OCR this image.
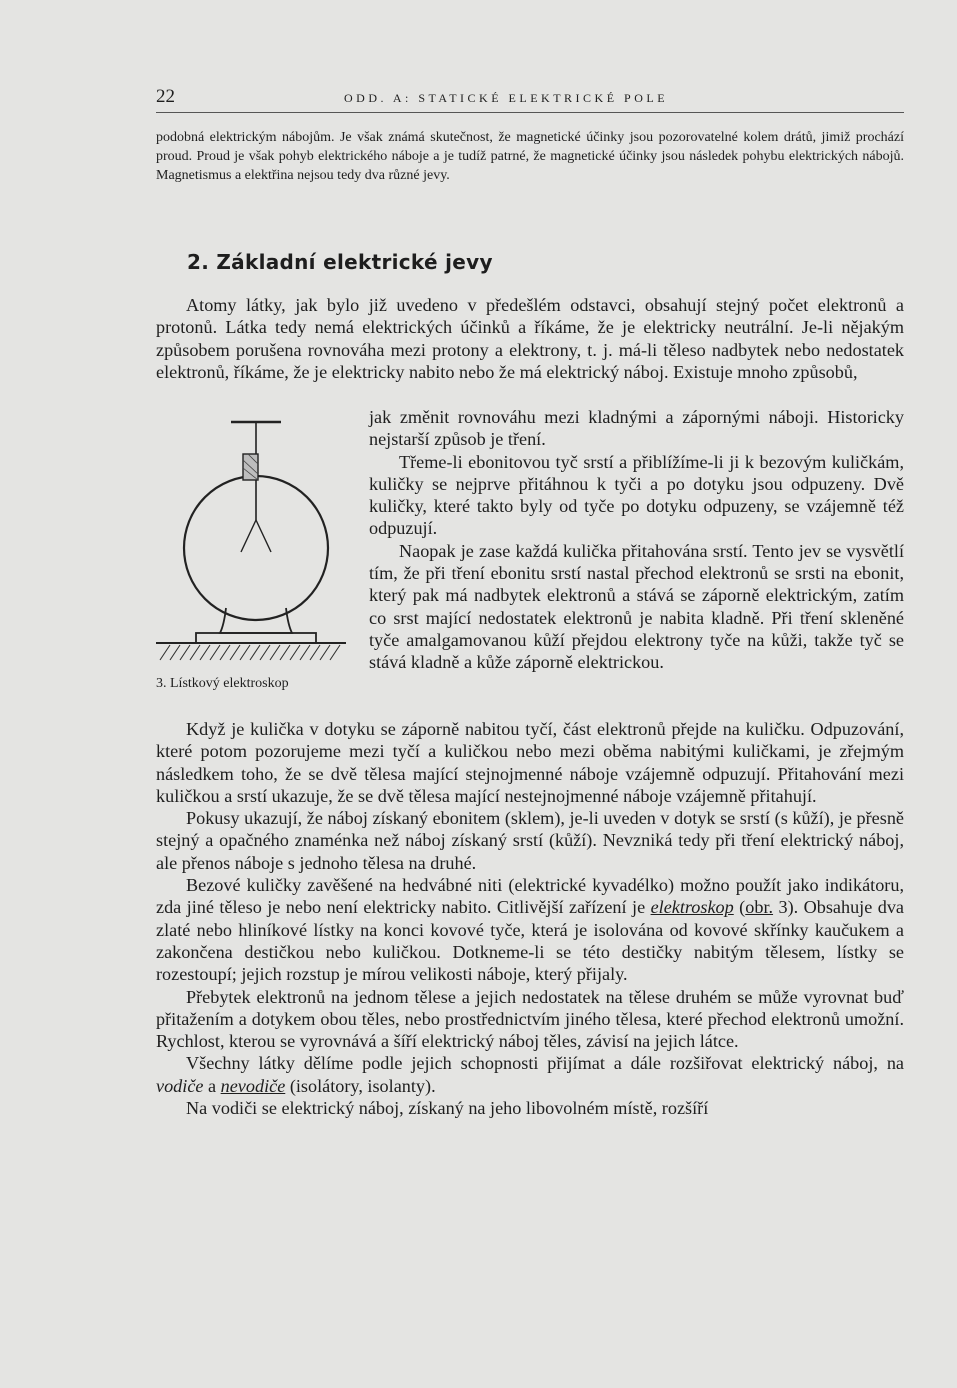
22	ODD. A: STATICKÉ ELEKTRICKÉ POLE

podobná elektrickým nábojům. Je však známá skutečnost, že magnetické účinky jsou pozorovatelné kolem drátů, jimiž prochází proud. Proud je však pohyb elektrického náboje a je tudíž patrné, že magnetické účinky jsou následek pohybu elektrických nábojů. Magnetismus a elektřina nejsou tedy dva různé jevy.

2. Základní elektrické jevy

Atomy látky, jak bylo již uvedeno v předešlém odstavci, obsahují stejný počet elektronů a protonů. Látka tedy nemá elektrických účinků a říkáme, že je elektricky neutrální. Je-li nějakým způsobem porušena rovnováha mezi protony a elektrony, t. j. má-li těleso nadbytek nebo nedostatek elektronů, říkáme, že je elektricky nabito nebo že má elektrický náboj. Existuje mnoho způsobů,

3. Lístkový elektroskop

jak změnit rovnováhu mezi kladnými a zápornými náboji. Historicky nejstarší způsob je tření.

Třeme-li ebonitovou tyč srstí a přiblížíme-li ji k bezovým kuličkám, kuličky se nejprve přitáhnou k tyči a po dotyku jsou odpuzeny. Dvě kuličky, které takto byly od tyče po dotyku odpuzeny, se vzájemně též odpuzují.

Naopak je zase každá kulička přitahována srstí. Tento jev se vysvětlí tím, že při tření ebonitu srstí nastal přechod elektronů se srsti na ebonit, který pak má nadbytek elektronů a stává se záporně elektrickým, zatím co srst mající nedostatek elektronů je nabita kladně. Při tření skleněné tyče amalgamovanou kůží přejdou elektrony tyče na kůži, takže tyč se stává kladně a kůže záporně elektrickou.

Když je kulička v dotyku se záporně nabitou tyčí, část elektronů přejde na kuličku. Odpuzování, které potom pozorujeme mezi tyčí a kuličkou nebo mezi oběma nabitými kuličkami, je zřejmým následkem toho, že se dvě tělesa mající stejnojmenné náboje vzájemně odpuzují. Přitahování mezi kuličkou a srstí ukazuje, že se dvě tělesa mající nestejnojmenné náboje vzájemně přitahují.

Pokusy ukazují, že náboj získaný ebonitem (sklem), je-li uveden v dotyk se srstí (s kůží), je přesně stejný a opačného znaménka než náboj získaný srstí (kůží). Nevzniká tedy při tření elektrický náboj, ale přenos náboje s jednoho tělesa na druhé.

Bezové kuličky zavěšené na hedvábné niti (elektrické kyvadélko) možno použít jako indikátoru, zda jiné těleso je nebo není elektricky nabito. Citlivější zařízení je elektroskop (obr. 3). Obsahuje dva zlaté nebo hliníkové lístky na konci kovové tyče, která je isolována od kovové skřínky kaučukem a zakončena destičkou nebo kuličkou. Dotkneme-li se této destičky nabitým tělesem, lístky se rozestoupí; jejich rozstup je mírou velikosti náboje, který přijaly.

Přebytek elektronů na jednom tělese a jejich nedostatek na tělese druhém se může vyrovnat buď přitažením a dotykem obou těles, nebo prostřednictvím jiného tělesa, které přechod elektronů umožní. Rychlost, kterou se vyrovnává a šíří elektrický náboj těles, závisí na jejich látce.

Všechny látky dělíme podle jejich schopnosti přijímat a dále rozšiřovat elektrický náboj, na vodiče a nevodiče (isolátory, isolanty).

Na vodiči se elektrický náboj, získaný na jeho libovolném místě, rozšíří
